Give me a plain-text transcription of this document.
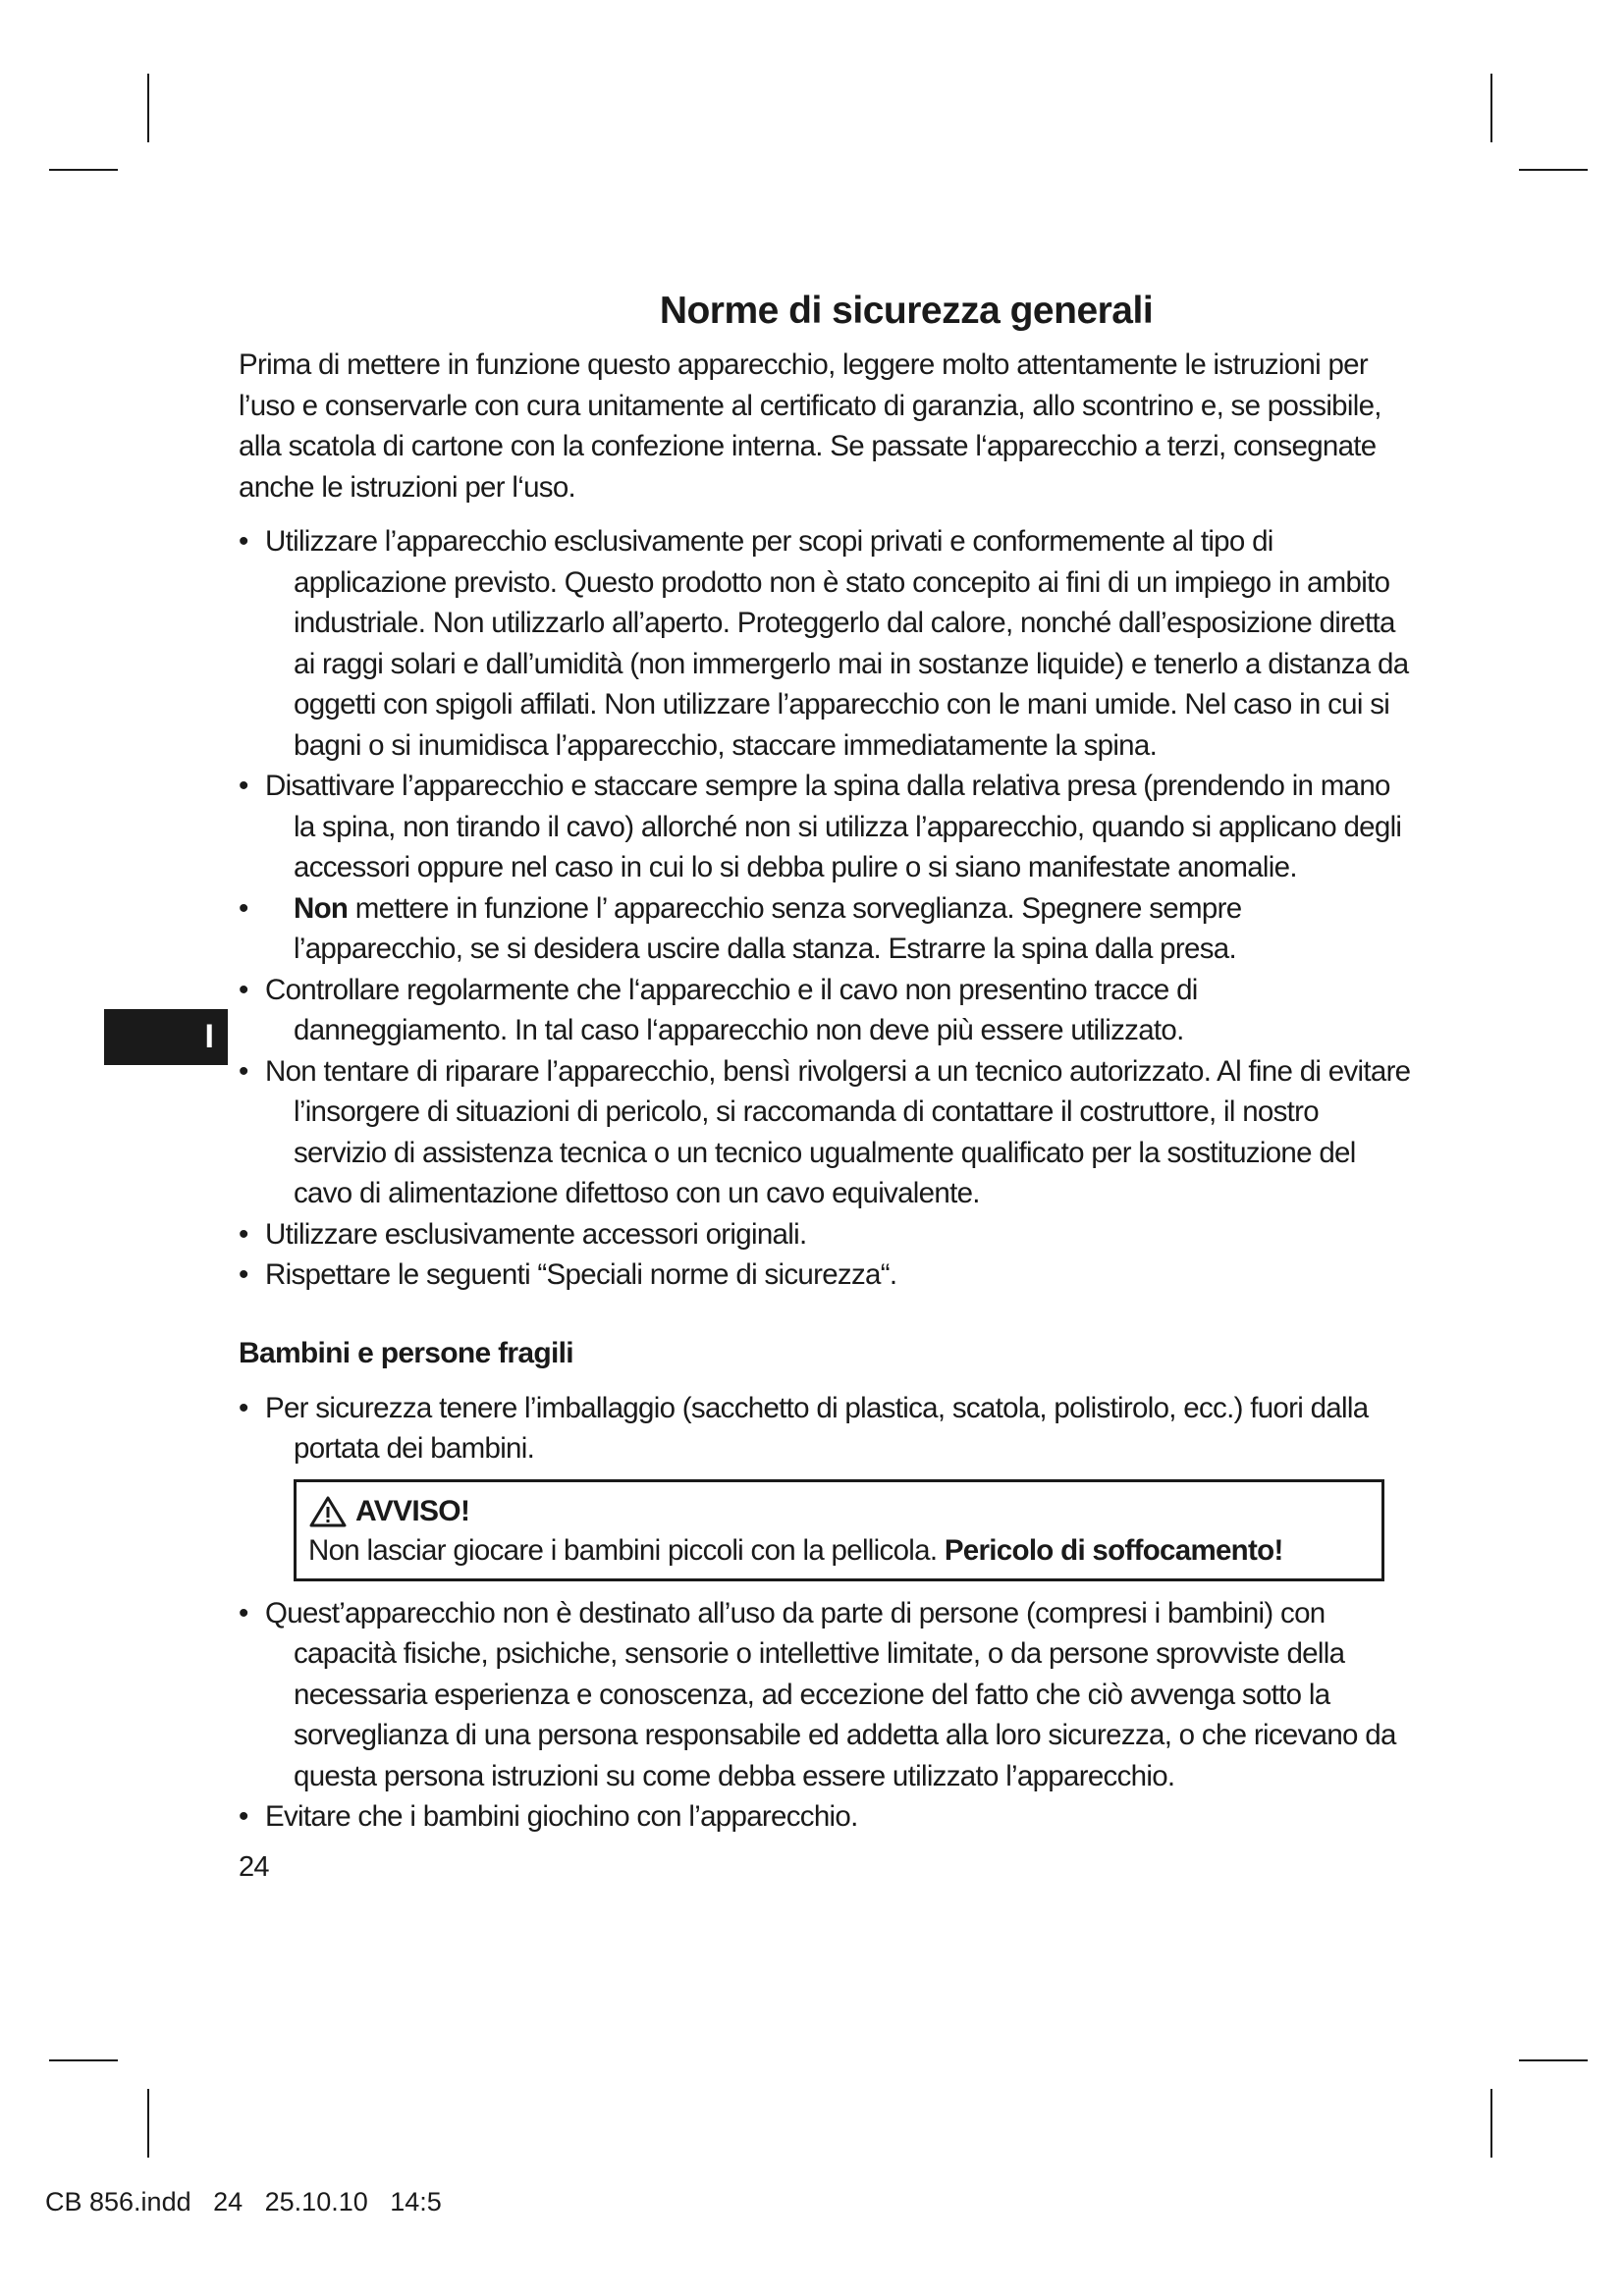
I
Norme di sicurezza generali

Prima di mettere in funzione questo apparecchio, leggere molto attentamente le istruzioni per l’uso e conservarle con cura unitamente al certificato di garanzia, allo scontrino e, se possibile, alla scatola di cartone con la confezione interna. Se passate l‘apparecchio a terzi, consegnate anche le istruzioni per l‘uso.

• Utilizzare l’apparecchio esclusivamente per scopi privati e conformemente al tipo di applicazione previsto. Questo prodotto non è stato concepito ai fini di un impiego in ambito industriale. Non utilizzarlo all’aperto. Proteggerlo dal calore, nonché dall’esposizione diretta ai raggi solari e dall’umidità (non immergerlo mai in sostanze liquide) e tenerlo a distanza da oggetti con spigoli affilati. Non utilizzare l’apparecchio con le mani umide. Nel caso in cui si bagni o si inumidisca l’apparecchio, staccare immediatamente la spina.
• Disattivare l’apparecchio e staccare sempre la spina dalla relativa presa (prendendo in mano la spina, non tirando il cavo) allorché non si utilizza l’apparecchio, quando si applicano degli accessori oppure nel caso in cui lo si debba pulire o si siano manifestate anomalie.
• Non mettere in funzione l’ apparecchio senza sorveglianza. Spegnere sempre l’apparecchio, se si desidera uscire dalla stanza. Estrarre la spina dalla presa.
• Controllare regolarmente che l‘apparecchio e il cavo non presentino tracce di danneggiamento. In tal caso l‘apparecchio non deve più essere utilizzato.
• Non tentare di riparare l’apparecchio, bensì rivolgersi a un tecnico autorizzato. Al fine di evitare l’insorgere di situazioni di pericolo, si raccomanda di contattare il costruttore, il nostro servizio di assistenza tecnica o un tecnico ugualmente qualificato per la sostituzione del cavo di alimentazione difettoso con un cavo equivalente.
• Utilizzare esclusivamente accessori originali.
• Rispettare le seguenti “Speciali norme di sicurezza“.
Bambini e persone fragili
• Per sicurezza tenere l’imballaggio (sacchetto di plastica, scatola, polistirolo, ecc.) fuori dalla portata dei bambini.
AVVISO!
Non lasciar giocare i bambini piccoli con la pellicola. Pericolo di soffocamento!
• Quest’apparecchio non è destinato all’uso da parte di persone (compresi i bambini) con capacità fisiche, psichiche, sensorie o intellettive limitate, o da persone sprovviste della necessaria esperienza e conoscenza, ad eccezione del fatto che ciò avvenga sotto la sorveglianza di una persona responsabile ed addetta alla loro sicurezza, o che ricevano da questa persona istruzioni su come debba essere utilizzato l’apparecchio.
• Evitare che i bambini giochino con l’apparecchio.
24
CB 856.indd   24   25.10.10   14:5
